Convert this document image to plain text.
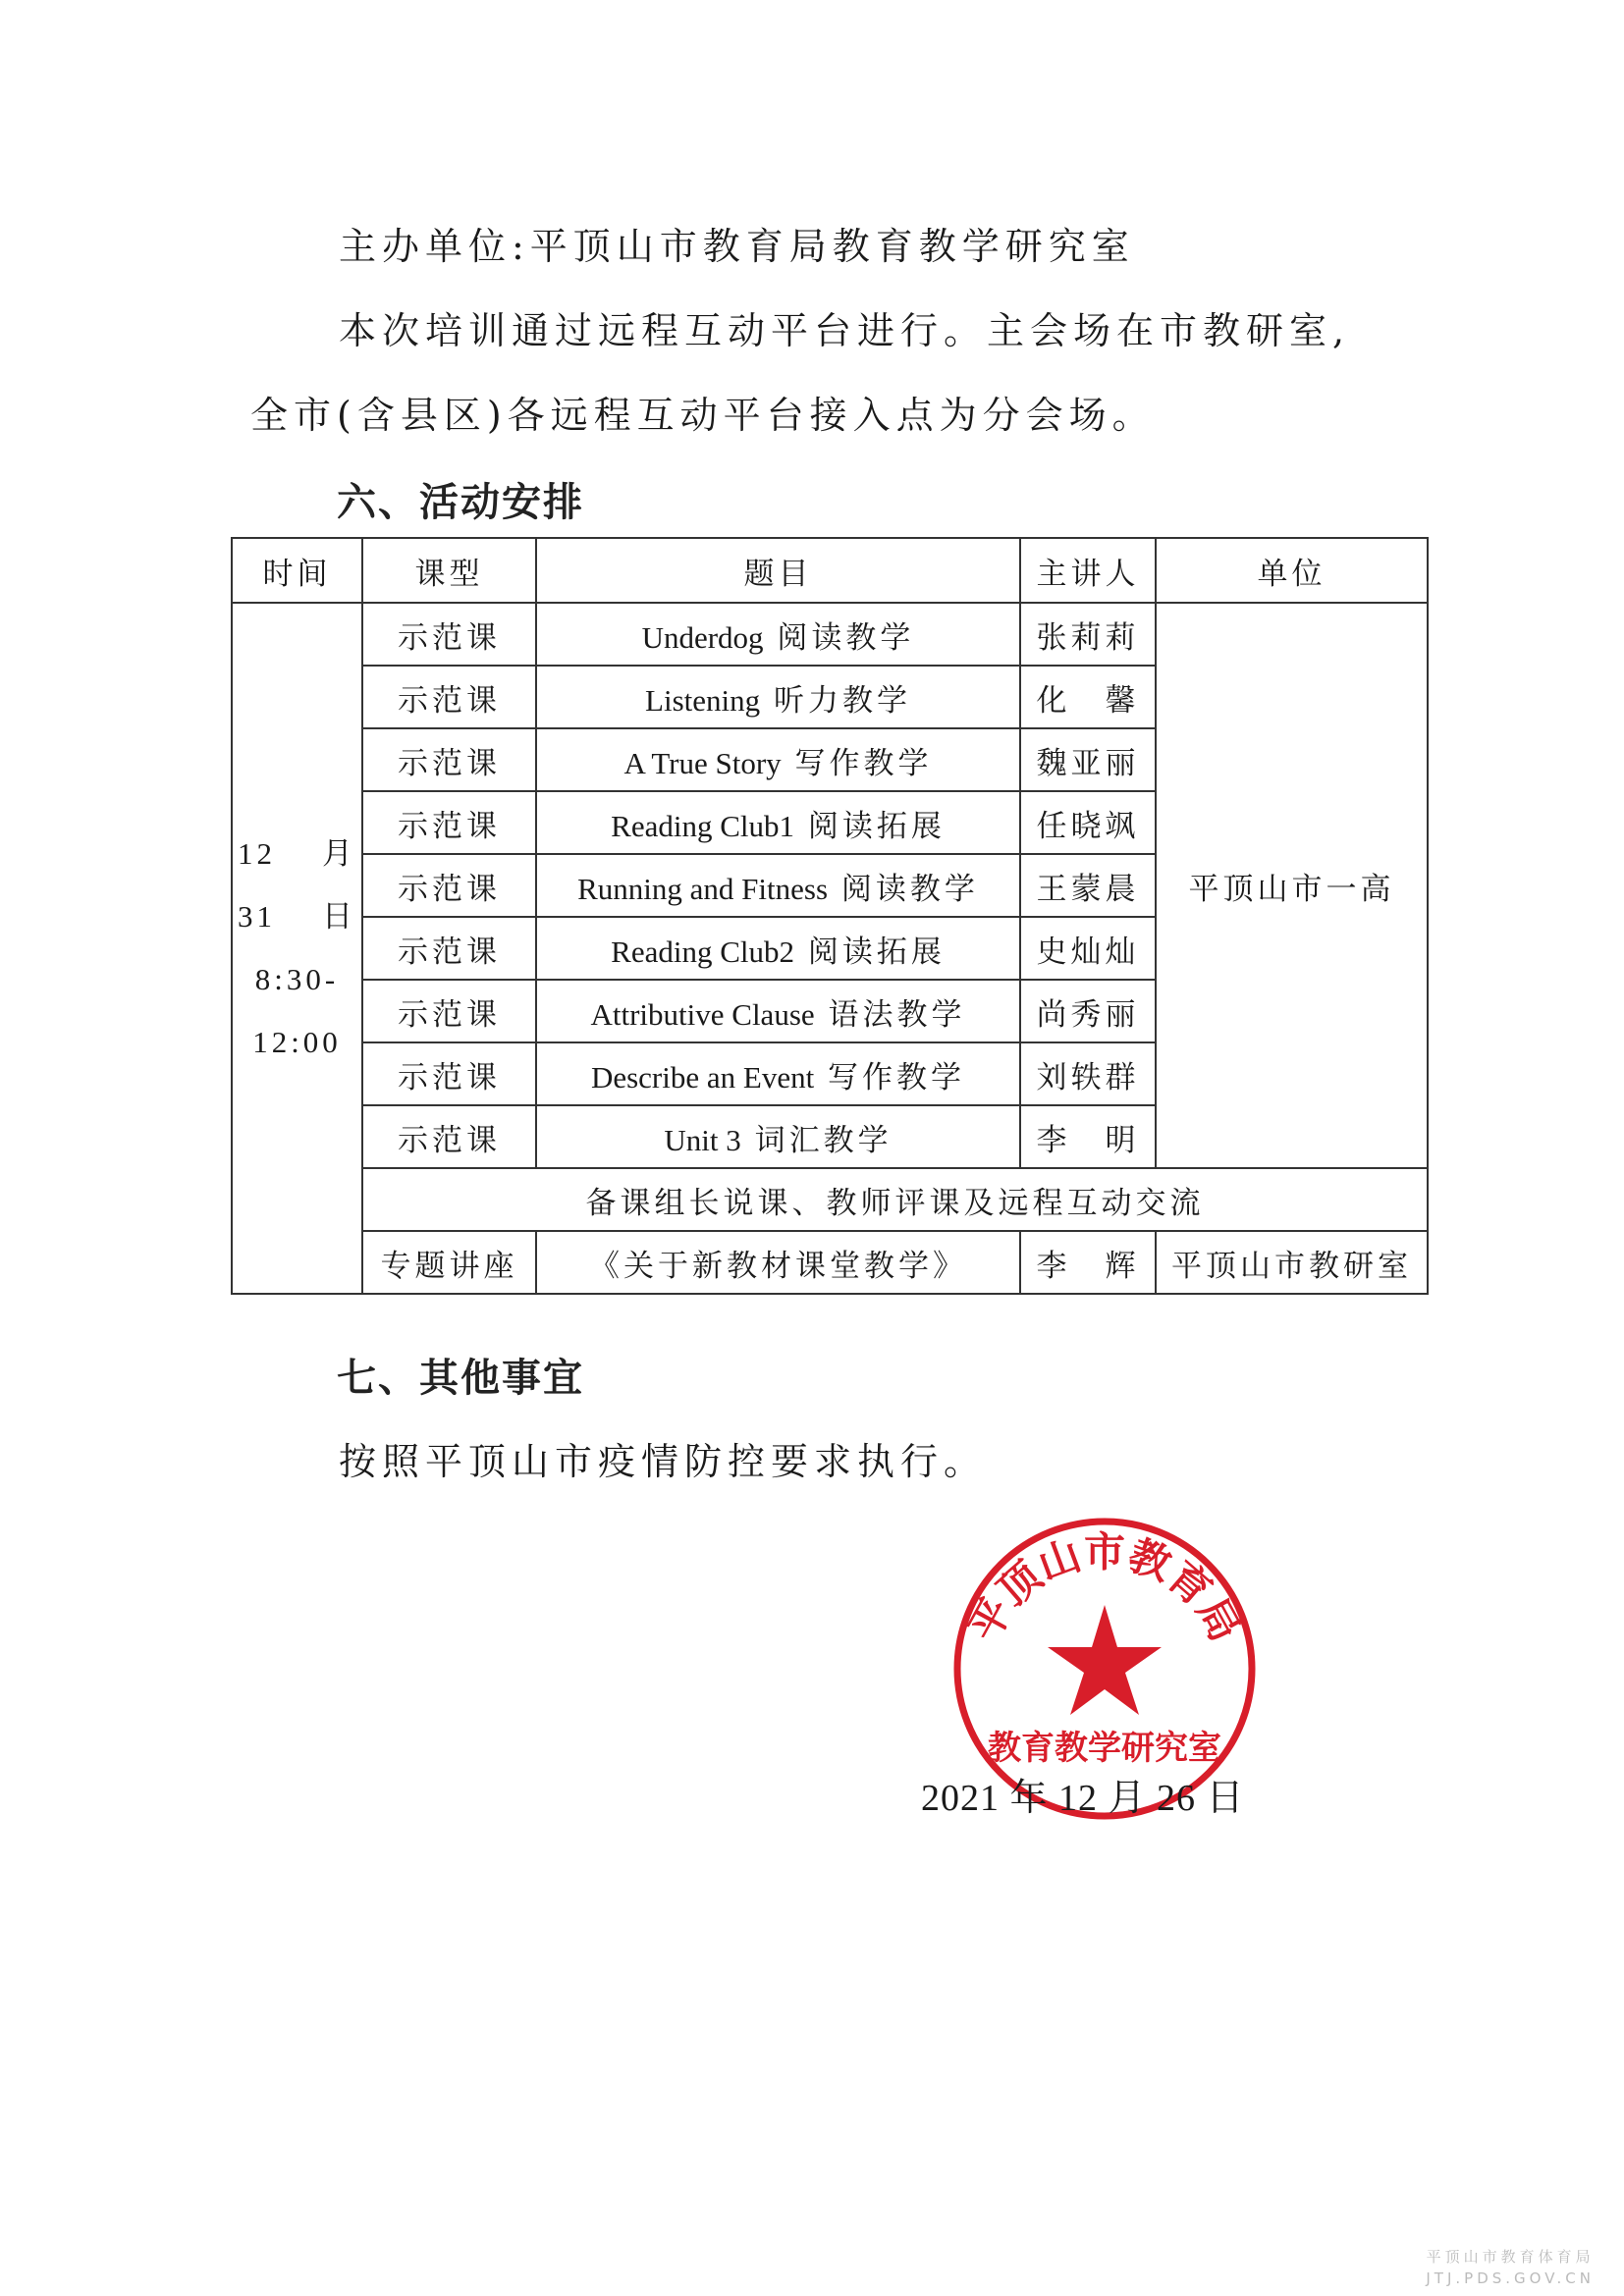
主办单位:平顶山市教育局教育教学研究室
本次培训通过远程互动平台进行。主会场在市教研室,
全市(含县区)各远程互动平台接入点为分会场。
六、活动安排
时间	课型	题目	主讲人	单位

12    月
31    日
8:30-
12:00	示范课	Underdog 阅读教学	张莉莉	平顶山市一高
	示范课	Listening 听力教学	化　馨	
	示范课	A True Story 写作教学	魏亚丽	
	示范课	Reading Club1 阅读拓展	任晓飒	
	示范课	Running and Fitness 阅读教学	王蒙晨	
	示范课	Reading Club2 阅读拓展	史灿灿	
	示范课	Attributive Clause 语法教学	尚秀丽	
	示范课	Describe an Event 写作教学	刘轶群	
	示范课	Unit 3 词汇教学	李　明	
	备课组长说课、教师评课及远程互动交流			
	专题讲座	《关于新教材课堂教学》	李　辉	平顶山市教研室
七、其他事宜
按照平顶山市疫情防控要求执行。
平顶山市教育局
教育教学研究室
2021 年 12 月 26 日
平顶山市教育体育局
JTJ.PDS.GOV.CN
